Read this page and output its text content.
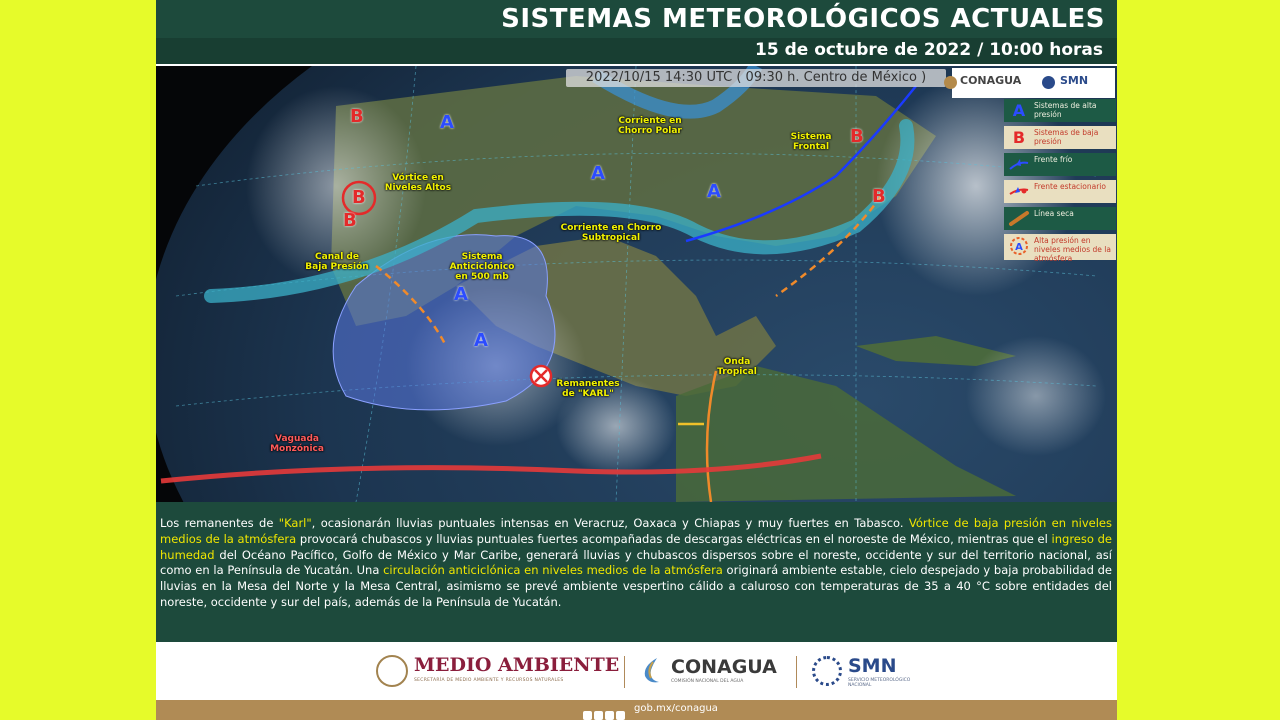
SISTEMAS METEOROLÓGICOS ACTUALES
15 de octubre de 2022 / 10:00 horas
2022/10/15 14:30 UTC ( 09:30 h. Centro de México )	CONAGUA	SMN
A	Sistemas de alta presión
B	Sistemas de baja presión
Frente frío
Frente estacionario
Línea seca
A
Alta presión en niveles medios de la atmósfera
B	A
A
A
B
B
B
B
A
A
Corriente en Chorro Polar
Sistema Frontal
Vórtice en Niveles Altos
Corriente en Chorro Subtropical
Canal de Baja Presión
Sistema Anticiclónico en 500 mb
Remanentes de "KARL"
Onda Tropical
Vaguada Monzónica

Los remanentes de "Karl", ocasionarán lluvias puntuales intensas en Veracruz, Oaxaca y Chiapas y muy fuertes en Tabasco. Vórtice de baja presión en niveles medios de la atmósfera provocará chubascos y lluvias puntuales fuertes acompañadas de descargas eléctricas en el noroeste de México, mientras que el ingreso de humedad del Océano Pacífico, Golfo de México y Mar Caribe, generará lluvias y chubascos dispersos sobre el noreste, occidente y sur del territorio nacional, así como en la Península de Yucatán. Una circulación anticiclónica en niveles medios de la atmósfera originará ambiente estable, cielo despejado y baja probabilidad de lluvias en la Mesa del Norte y la Mesa Central, asimismo se prevé ambiente vespertino cálido a caluroso con temperaturas de 35 a 40 °C sobre entidades del noreste, occidente y sur del país, además de la Península de Yucatán.

MEDIO AMBIENTE
SECRETARÍA DE MEDIO AMBIENTE Y RECURSOS NATURALES
CONAGUA
COMISIÓN NACIONAL DEL AGUA
SMN
SERVICIO METEOROLÓGICO NACIONAL
gob.mx/conagua
